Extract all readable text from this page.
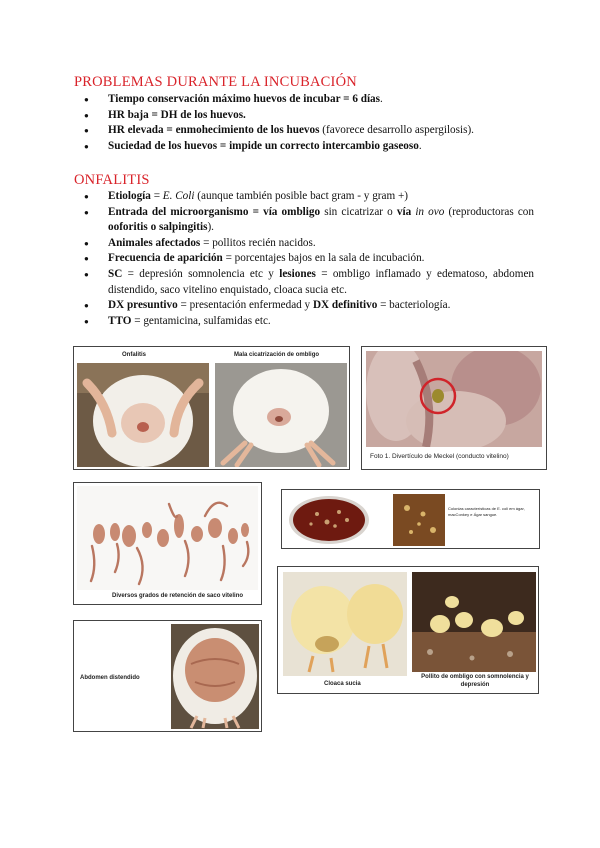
PROBLEMAS DURANTE LA INCUBACIÓN
● Tiempo conservación máximo huevos de incubar = 6 días.
● HR baja = DH de los huevos.
● HR elevada = enmohecimiento de los huevos (favorece desarrollo aspergilosis).
● Suciedad de los huevos = impide un correcto intercambio gaseoso.
ONFALITIS
● Etiología = E. Coli (aunque también posible bact gram - y gram +)
● Entrada del microorganismo = vía ombligo sin cicatrizar o vía in ovo (reproductoras con ooforitis o salpingitis).
● Animales afectados = pollitos recién nacidos.
● Frecuencia de aparición = porcentajes bajos en la sala de incubación.
● SC = depresión somnolencia etc y lesiones = ombligo inflamado y edematoso, abdomen distendido, saco vitelino enquistado, cloaca sucia etc.
● DX presuntivo = presentación enfermedad y DX definitivo = bacteriología.
● TTO = gentamicina, sulfamidas etc.
Onfalitis	Mala cicatrización de ombligo
Foto 1. Divertículo de Meckel (conducto vitelino)
Diversos grados de retención de saco vitelino
Colonias características de E. coli em ágar, macConkey e Ágar sangue.
Abdomen distendido
Cloaca sucia
Pollito de ombligo con somnolencia y depresión
